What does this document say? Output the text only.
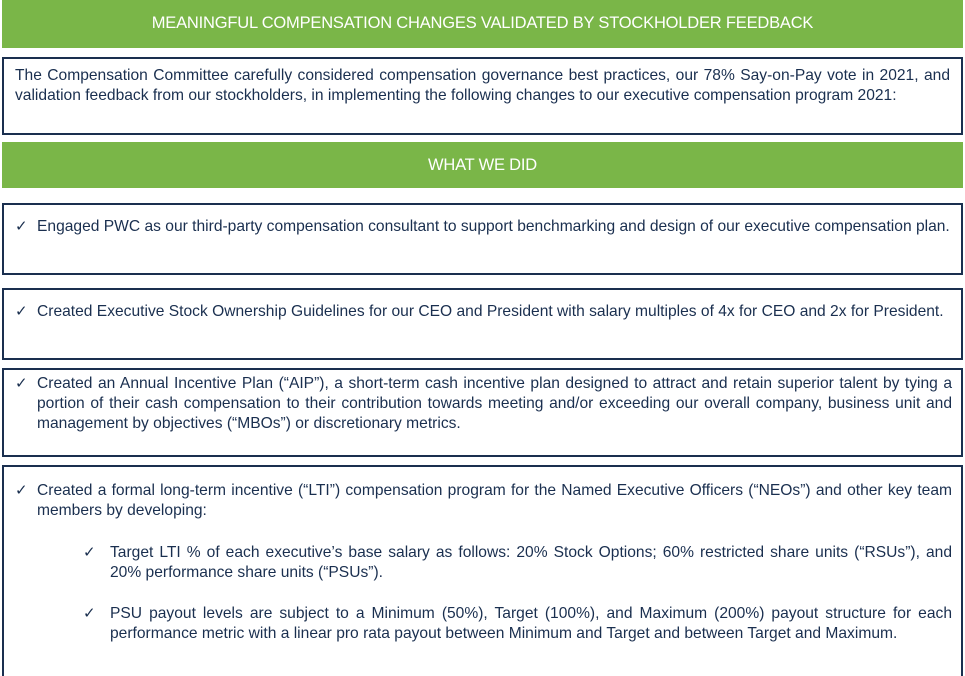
MEANINGFUL COMPENSATION CHANGES VALIDATED BY STOCKHOLDER FEEDBACK
The Compensation Committee carefully considered compensation governance best practices, our 78% Say-on-Pay vote in 2021, and validation feedback from our stockholders, in implementing the following changes to our executive compensation program 2021:
WHAT WE DID
✓ Engaged PWC as our third-party compensation consultant to support benchmarking and design of our executive compensation plan.
✓ Created Executive Stock Ownership Guidelines for our CEO and President with salary multiples of 4x for CEO and 2x for President.
✓ Created an Annual Incentive Plan (“AIP”), a short-term cash incentive plan designed to attract and retain superior talent by tying a portion of their cash compensation to their contribution towards meeting and/or exceeding our overall company, business unit and management by objectives (“MBOs”) or discretionary metrics.
✓ Created a formal long-term incentive (“LTI”) compensation program for the Named Executive Officers (“NEOs”) and other key team members by developing:
✓ Target LTI % of each executive’s base salary as follows: 20% Stock Options; 60% restricted share units (“RSUs”), and 20% performance share units (“PSUs”).
✓ PSU payout levels are subject to a Minimum (50%), Target (100%), and Maximum (200%) payout structure for each performance metric with a linear pro rata payout between Minimum and Target and between Target and Maximum.
